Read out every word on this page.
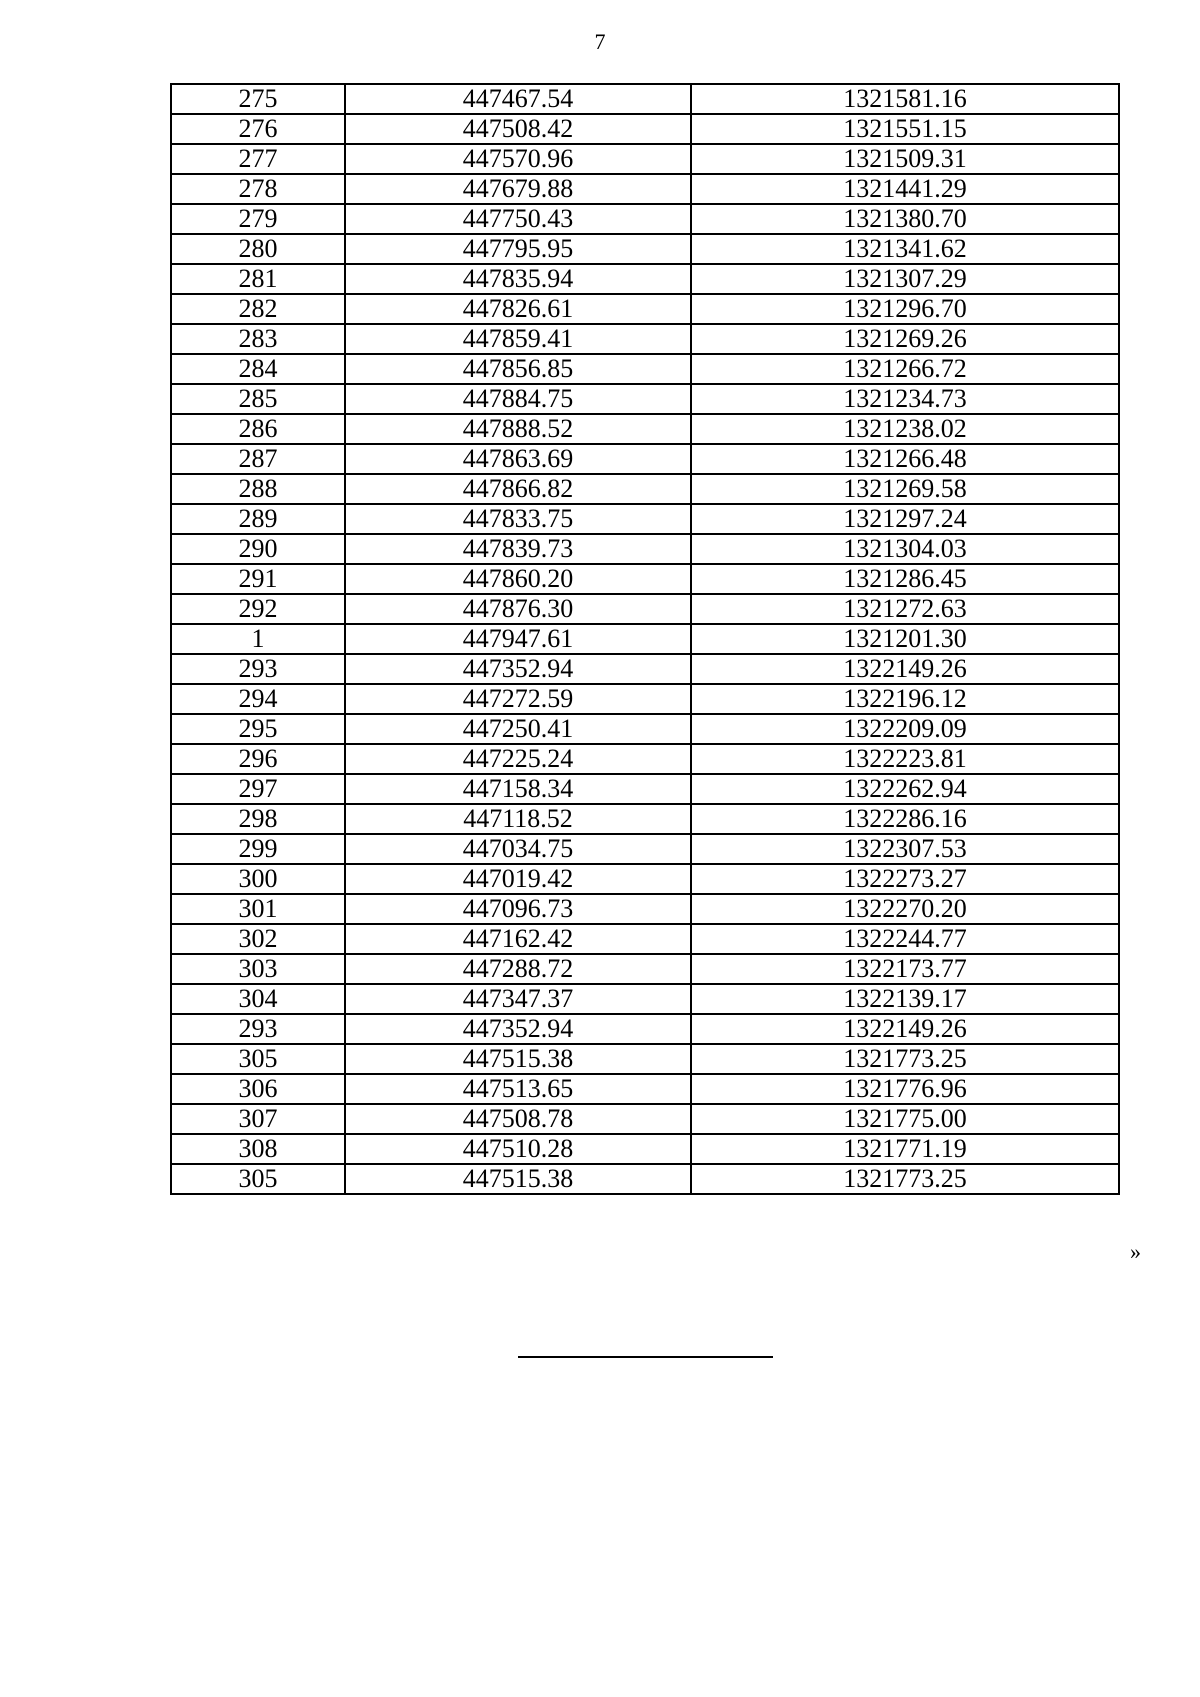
7
275	447467.54	1321581.16
276	447508.42	1321551.15
277	447570.96	1321509.31
278	447679.88	1321441.29
279	447750.43	1321380.70
280	447795.95	1321341.62
281	447835.94	1321307.29
282	447826.61	1321296.70
283	447859.41	1321269.26
284	447856.85	1321266.72
285	447884.75	1321234.73
286	447888.52	1321238.02
287	447863.69	1321266.48
288	447866.82	1321269.58
289	447833.75	1321297.24
290	447839.73	1321304.03
291	447860.20	1321286.45
292	447876.30	1321272.63
1	447947.61	1321201.30
293	447352.94	1322149.26
294	447272.59	1322196.12
295	447250.41	1322209.09
296	447225.24	1322223.81
297	447158.34	1322262.94
298	447118.52	1322286.16
299	447034.75	1322307.53
300	447019.42	1322273.27
301	447096.73	1322270.20
302	447162.42	1322244.77
303	447288.72	1322173.77
304	447347.37	1322139.17
293	447352.94	1322149.26
305	447515.38	1321773.25
306	447513.65	1321776.96
307	447508.78	1321775.00
308	447510.28	1321771.19
305	447515.38	1321773.25
»
